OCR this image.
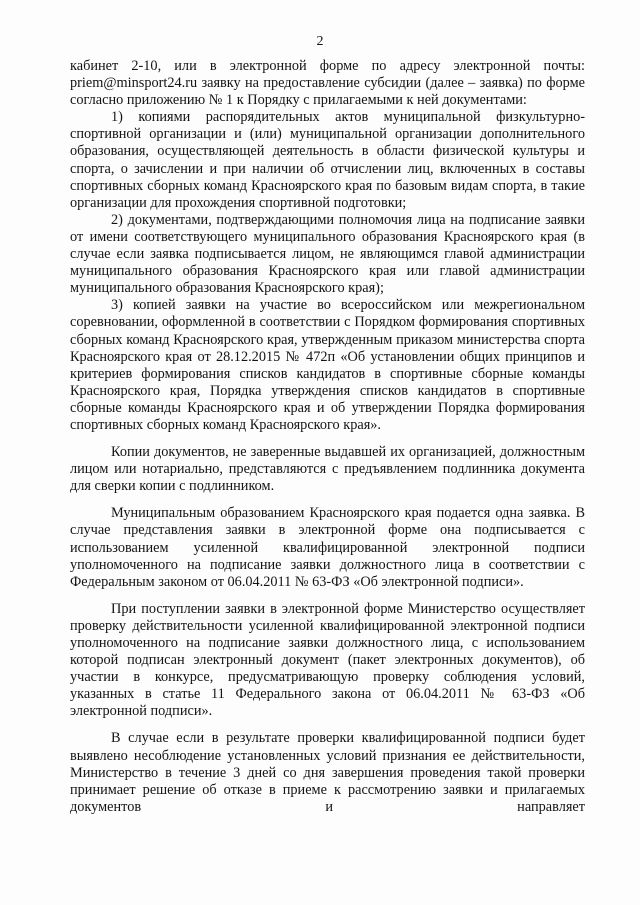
2

кабинет 2-10, или в электронной форме по адресу электронной почты: priem@minsport24.ru заявку на предоставление субсидии (далее – заявка) по форме согласно приложению № 1 к Порядку с прилагаемыми к ней документами:

1) копиями распорядительных актов муниципальной физкультурно-спортивной организации и (или) муниципальной организации дополнительного образования, осуществляющей деятельность в области физической культуры и спорта, о зачислении и при наличии об отчислении лиц, включенных в составы спортивных сборных команд Красноярского края по базовым видам спорта, в такие организации для прохождения спортивной подготовки;

2) документами, подтверждающими полномочия лица на подписание заявки от имени соответствующего муниципального образования Красноярского края (в случае если заявка подписывается лицом, не являющимся главой администрации муниципального образования Красноярского края или главой администрации муниципального образования Красноярского края);

3) копией заявки на участие во всероссийском или межрегиональном соревновании, оформленной в соответствии с Порядком формирования спортивных сборных команд Красноярского края, утвержденным приказом министерства спорта Красноярского края от 28.12.2015 № 472п «Об установлении общих принципов и критериев формирования списков кандидатов в спортивные сборные команды Красноярского края, Порядка утверждения списков кандидатов в спортивные сборные команды Красноярского края и об утверждении Порядка формирования спортивных сборных команд Красноярского края».

Копии документов, не заверенные выдавшей их организацией, должностным лицом или нотариально, представляются с предъявлением подлинника документа для сверки копии с подлинником.

Муниципальным образованием Красноярского края подается одна заявка. В случае представления заявки в электронной форме она подписывается с использованием усиленной квалифицированной электронной подписи уполномоченного на подписание заявки должностного лица в соответствии с Федеральным законом от 06.04.2011 № 63-ФЗ «Об электронной подписи».

При поступлении заявки в электронной форме Министерство осуществляет проверку действительности усиленной квалифицированной электронной подписи уполномоченного на подписание заявки должностного лица, с использованием которой подписан электронный документ (пакет электронных документов), об участии в конкурсе, предусматривающую проверку соблюдения условий, указанных в статье 11 Федерального закона от 06.04.2011 № 63-ФЗ «Об электронной подписи».

В случае если в результате проверки квалифицированной подписи будет выявлено несоблюдение установленных условий признания ее действительности, Министерство в течение 3 дней со дня завершения проведения такой проверки принимает решение об отказе в приеме к рассмотрению заявки и прилагаемых документов и направляет
